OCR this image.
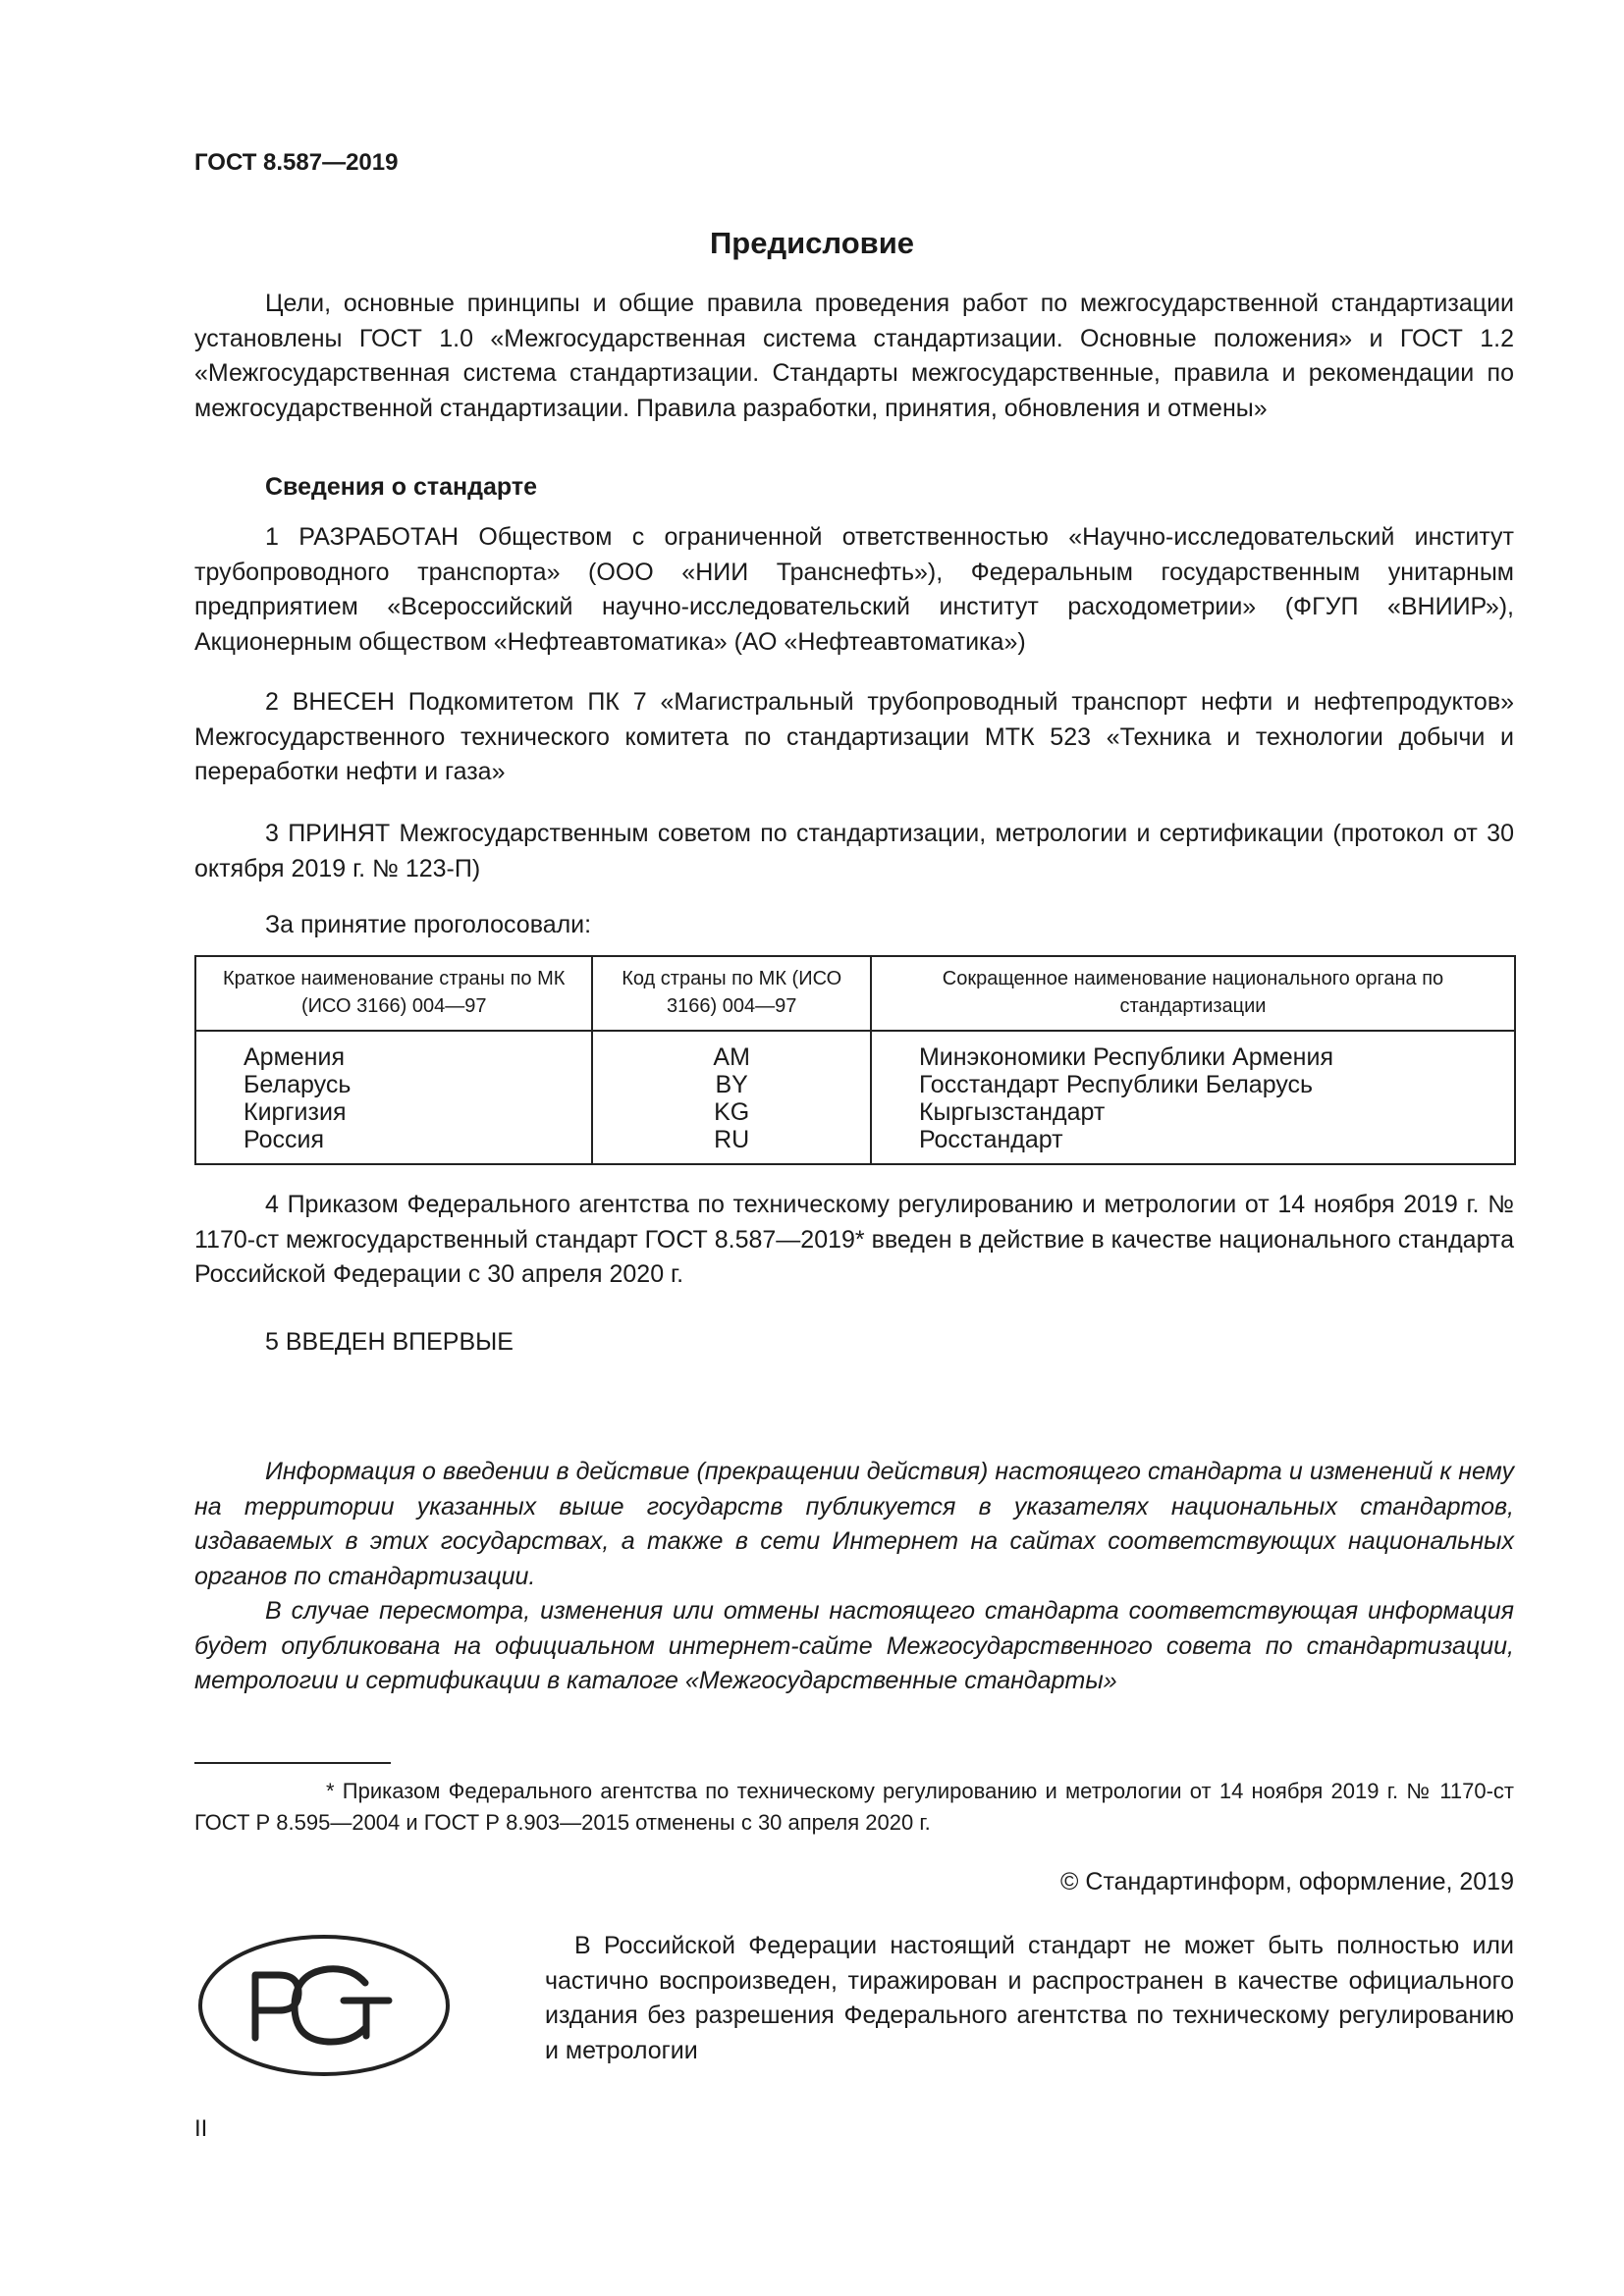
ГОСТ 8.587—2019
Предисловие

Цели, основные принципы и общие правила проведения работ по межгосударственной стандартизации установлены ГОСТ 1.0 «Межгосударственная система стандартизации. Основные положения» и ГОСТ 1.2 «Межгосударственная система стандартизации. Стандарты межгосударственные, правила и рекомендации по межгосударственной стандартизации. Правила разработки, принятия, обновления и отмены»

Сведения о стандарте

1 РАЗРАБОТАН Обществом с ограниченной ответственностью «Научно-исследовательский институт трубопроводного транспорта» (ООО «НИИ Транснефть»), Федеральным государственным унитарным предприятием «Всероссийский научно-исследовательский институт расходометрии» (ФГУП «ВНИИР»), Акционерным обществом «Нефтеавтоматика» (АО «Нефтеавтоматика»)

2 ВНЕСЕН Подкомитетом ПК 7 «Магистральный трубопроводный транспорт нефти и нефтепродуктов» Межгосударственного технического комитета по стандартизации МТК 523 «Техника и технологии добычи и переработки нефти и газа»

3 ПРИНЯТ Межгосударственным советом по стандартизации, метрологии и сертификации (протокол от 30 октября 2019 г. № 123-П)

За принятие проголосовали:
Краткое наименование страны по МК (ИСО 3166) 004—97	Код страны по МК (ИСО 3166) 004—97	Сокращенное наименование национального органа по стандартизации
Армения	AM	Минэкономики Республики Армения
Беларусь	BY	Госстандарт Республики Беларусь
Киргизия	KG	Кыргызстандарт
Россия	RU	Росстандарт

4 Приказом Федерального агентства по техническому регулированию и метрологии от 14 ноября 2019 г. № 1170-ст межгосударственный стандарт ГОСТ 8.587—2019* введен в действие в качестве национального стандарта Российской Федерации с 30 апреля 2020 г.

5 ВВЕДЕН ВПЕРВЫЕ

Информация о введении в действие (прекращении действия) настоящего стандарта и изменений к нему на территории указанных выше государств публикуется в указателях национальных стандартов, издаваемых в этих государствах, а также в сети Интернет на сайтах соответствующих национальных органов по стандартизации.

В случае пересмотра, изменения или отмены настоящего стандарта соответствующая информация будет опубликована на официальном интернет-сайте Межгосударственного совета по стандартизации, метрологии и сертификации в каталоге «Межгосударственные стандарты»

* Приказом Федерального агентства по техническому регулированию и метрологии от 14 ноября 2019 г. № 1170-ст ГОСТ Р 8.595—2004 и ГОСТ Р 8.903—2015 отменены с 30 апреля 2020 г.

© Стандартинформ, оформление, 2019

В Российской Федерации настоящий стандарт не может быть полностью или частично воспроизведен, тиражирован и распространен в качестве официального издания без разрешения Федерального агентства по техническому регулированию и метрологии

II
